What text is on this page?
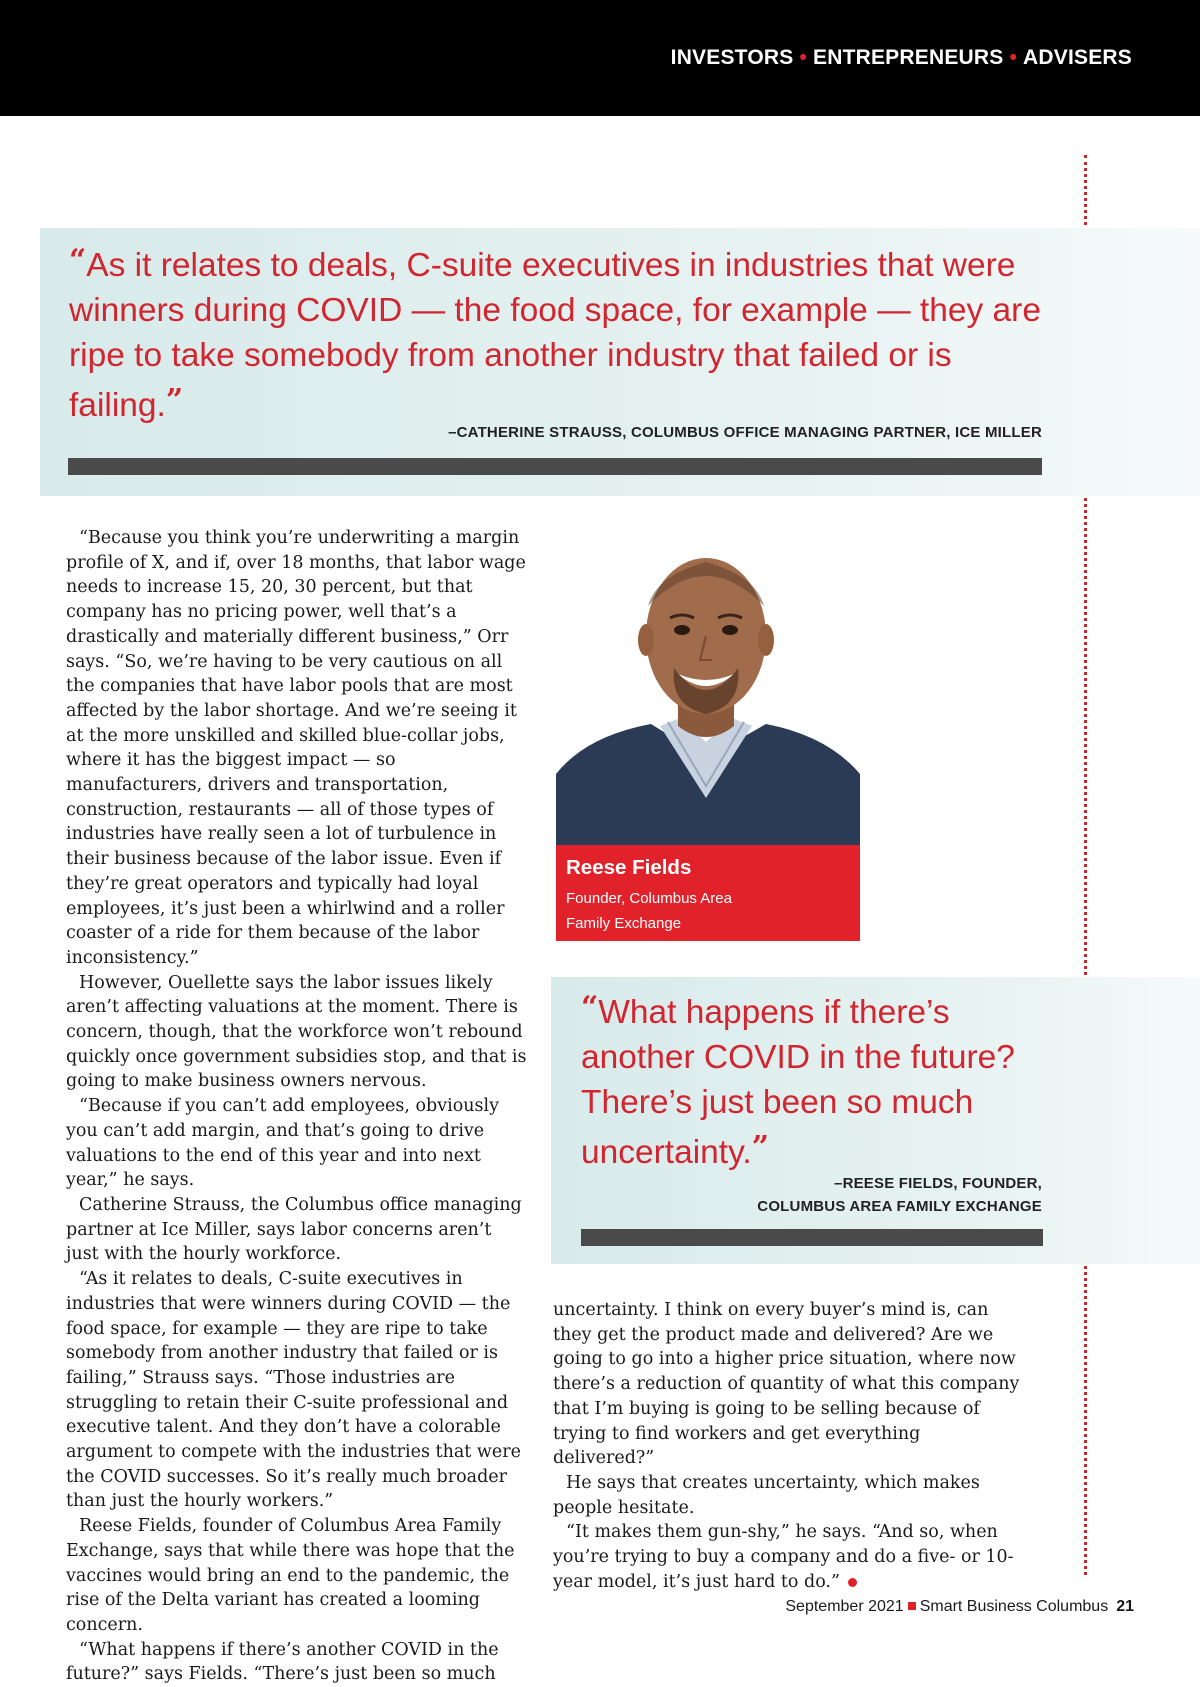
INVESTORS • ENTREPRENEURS • ADVISERS
“As it relates to deals, C-suite executives in industries that were winners during COVID — the food space, for example — they are ripe to take somebody from another industry that failed or is failing.”
–CATHERINE STRAUSS, COLUMBUS OFFICE MANAGING PARTNER, ICE MILLER

“Because you think you’re underwriting a margin profile of X, and if, over 18 months, that labor wage needs to increase 15, 20, 30 percent, but that company has no pricing power, well that’s a drastically and materially different business,” Orr says. “So, we’re having to be very cautious on all the companies that have labor pools that are most affected by the labor shortage. And we’re seeing it at the more unskilled and skilled blue-collar jobs, where it has the biggest impact — so manufacturers, drivers and transportation, construction, restaurants — all of those types of industries have really seen a lot of turbulence in their business because of the labor issue. Even if they’re great operators and typically had loyal employees, it’s just been a whirlwind and a roller coaster of a ride for them because of the labor inconsistency.”

However, Ouellette says the labor issues likely aren’t affecting valuations at the moment. There is concern, though, that the workforce won’t rebound quickly once government subsidies stop, and that is going to make business owners nervous.

“Because if you can’t add employees, obviously you can’t add margin, and that’s going to drive valuations to the end of this year and into next year,” he says.

Catherine Strauss, the Columbus office managing partner at Ice Miller, says labor concerns aren’t just with the hourly workforce.

“As it relates to deals, C-suite executives in industries that were winners during COVID — the food space, for example — they are ripe to take somebody from another industry that failed or is failing,” Strauss says. “Those industries are struggling to retain their C-suite professional and executive talent. And they don’t have a colorable argument to compete with the industries that were the COVID successes. So it’s really much broader than just the hourly workers.”

Reese Fields, founder of Columbus Area Family Exchange, says that while there was hope that the vaccines would bring an end to the pandemic, the rise of the Delta variant has created a looming concern.

“What happens if there’s another COVID in the future?” says Fields. “There’s just been so much

Reese Fields
Founder, Columbus Area
Family Exchange
“What happens if there’s another COVID in the future? There’s just been so much uncertainty.”
–REESE FIELDS, FOUNDER,
COLUMBUS AREA FAMILY EXCHANGE

uncertainty. I think on every buyer’s mind is, can they get the product made and delivered? Are we going to go into a higher price situation, where now there’s a reduction of quantity of what this company that I’m buying is going to be selling because of trying to find workers and get everything delivered?”

He says that creates uncertainty, which makes people hesitate.

“It makes them gun-shy,” he says. “And so, when you’re trying to buy a company and do a five- or 10-year model, it’s just hard to do.”

September 2021 Smart Business Columbus 21
